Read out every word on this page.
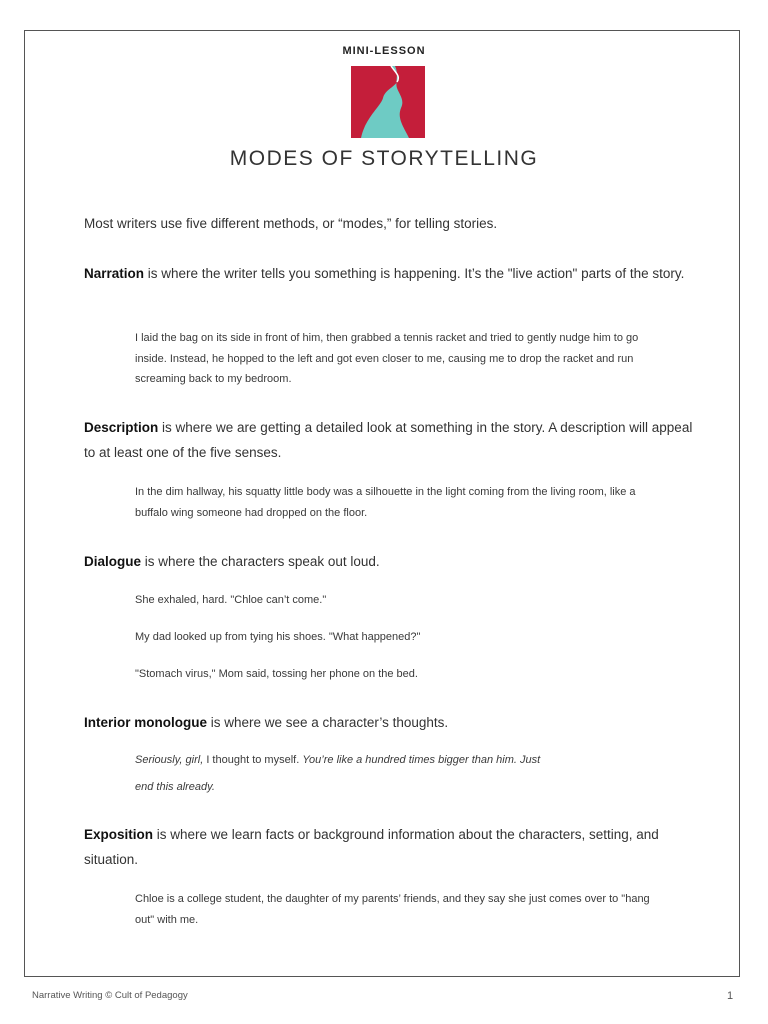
MINI-LESSON
MODES OF STORYTELLING
Most writers use five different methods, or “modes,” for telling stories.
Narration is where the writer tells you something is happening. It’s the "live action" parts of the story.
I laid the bag on its side in front of him, then grabbed a tennis racket and tried to gently nudge him to go inside. Instead, he hopped to the left and got even closer to me, causing me to drop the racket and run screaming back to my bedroom.
Description is where we are getting a detailed look at something in the story. A description will appeal to at least one of the five senses.
In the dim hallway, his squatty little body was a silhouette in the light coming from the living room, like a buffalo wing someone had dropped on the floor.
Dialogue is where the characters speak out loud.
She exhaled, hard. "Chloe can’t come."
My dad looked up from tying his shoes. "What happened?"
"Stomach virus," Mom said, tossing her phone on the bed.
Interior monologue is where we see a character’s thoughts.
Seriously, girl, I thought to myself. You’re like a hundred times bigger than him. Just
end this already.
Exposition is where we learn facts or background information about the characters, setting, and situation.
Chloe is a college student, the daughter of my parents’ friends, and they say she just comes over to "hang out" with me.
Narrative Writing © Cult of Pedagogy	1
